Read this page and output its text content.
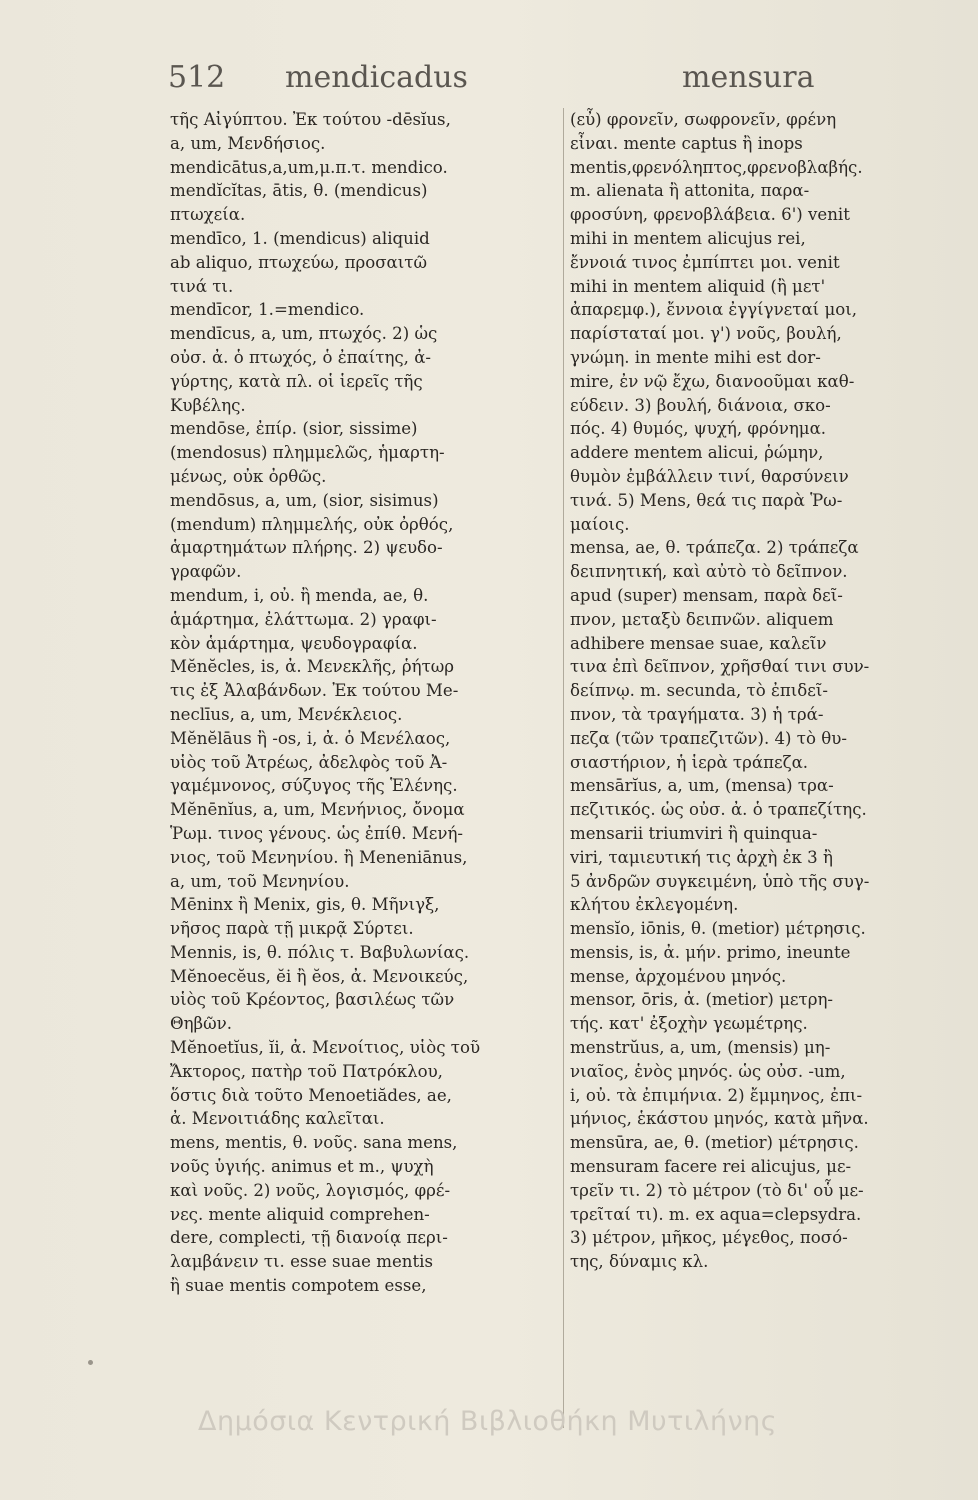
512 mendicadus	mensura
τῆς Αἰγύπτου. Ἐκ τούτου -dēsĭus,
a, um, Μενδήσιος.
mendicātus,a,um,μ.π.τ. mendico.
mendĭcĭtas, ātis, θ. (mendicus)
πτωχεία.
mendīco, 1. (mendicus) aliquid
ab aliquo, πτωχεύω, προσαιτῶ
τινά τι.
mendīcor, 1.=mendico.
mendīcus, a, um, πτωχός. 2) ὡς
οὐσ. ἀ. ὁ πτωχός, ὁ ἐπαίτης, ἀ-
γύρτης, κατὰ πλ. οἱ ἱερεῖς τῆς
Κυβέλης.
mendōse, ἐπίρ. (sior, sissime)
(mendosus) πλημμελῶς, ἡμαρτη-
μένως, οὐκ ὀρθῶς.
mendōsus, a, um, (sior, sisimus)
(mendum) πλημμελής, οὐκ ὀρθός,
ἁμαρτημάτων πλήρης. 2) ψευδο-
γραφῶν.
mendum, i, οὐ. ἢ menda, ae, θ.
ἁμάρτημα, ἐλάττωμα. 2) γραφι-
κὸν ἁμάρτημα, ψευδογραφία.
Mĕnĕcles, is, ἀ. Μενεκλῆς, ῥήτωρ
τις ἐξ Ἀλαβάνδων. Ἐκ τούτου Me-
neclīus, a, um, Μενέκλειος.
Mĕnĕlāus ἢ -os, i, ἀ. ὁ Μενέλαος,
υἱὸς τοῦ Ἀτρέως, ἀδελφὸς τοῦ Ἀ-
γαμέμνονος, σύζυγος τῆς Ἑλένης.
Mĕnēnĭus, a, um, Μενήνιος, ὄνομα
Ῥωμ. τινος γένους. ὡς ἐπίθ. Μενή-
νιος, τοῦ Μενηνίου. ἢ Meneniānus,
a, um, τοῦ Μενηνίου.
Mēninx ἢ Menix, gis, θ. Μῆνιγξ,
νῆσος παρὰ τῇ μικρᾷ Σύρτει.
Mennis, is, θ. πόλις τ. Βαβυλωνίας.
Mĕnoecĕus, ĕi ἢ ĕos, ἀ. Μενοικεύς,
υἱὸς τοῦ Κρέοντος, βασιλέως τῶν
Θηβῶν.
Mĕnoetĭus, ĭi, ἀ. Μενοίτιος, υἱὸς τοῦ
Ἄκτορος, πατὴρ τοῦ Πατρόκλου,
ὅστις διὰ τοῦτο Menoetiădes, ae,
ἀ. Μενοιτιάδης καλεῖται.
mens, mentis, θ. νοῦς. sana mens,
νοῦς ὑγιής. animus et m., ψυχὴ
καὶ νοῦς. 2) νοῦς, λογισμός, φρέ-
νες. mente aliquid comprehen-
dere, complecti, τῇ διανοίᾳ περι-
λαμβάνειν τι. esse suae mentis
ἢ suae mentis compotem esse,
(εὖ) φρονεῖν, σωφρονεῖν, φρένη
εἶναι. mente captus ἢ inops
mentis,φρενόληπτος,φρενοβλαβής.
m. alienata ἢ attonita, παρα-
φροσύνη, φρενοβλάβεια. 6') venit
mihi in mentem alicujus rei,
ἔννοιά τινος ἐμπίπτει μοι. venit
mihi in mentem aliquid (ἢ μετ'
ἀπαρεμφ.), ἔννοια ἐγγίγνεταί μοι,
παρίσταταί μοι. γ') νοῦς, βουλή,
γνώμη. in mente mihi est dor-
mire, ἐν νῷ ἔχω, διανοοῦμαι καθ-
εύδειν. 3) βουλή, διάνοια, σκο-
πός. 4) θυμός, ψυχή, φρόνημα.
addere mentem alicui, ῥώμην,
θυμὸν ἐμβάλλειν τινί, θαρσύνειν
τινά. 5) Mens, θεά τις παρὰ Ῥω-
μαίοις.
mensa, ae, θ. τράπεζα. 2) τράπεζα
δειπνητική, καὶ αὐτὸ τὸ δεῖπνον.
apud (super) mensam, παρὰ δεῖ-
πνον, μεταξὺ δειπνῶν. aliquem
adhibere mensae suae, καλεῖν
τινα ἐπὶ δεῖπνον, χρῆσθαί τινι συν-
δείπνῳ. m. secunda, τὸ ἐπιδεῖ-
πνον, τὰ τραγήματα. 3) ἡ τρά-
πεζα (τῶν τραπεζιτῶν). 4) τὸ θυ-
σιαστήριον, ἡ ἱερὰ τράπεζα.
mensārĭus, a, um, (mensa) τρα-
πεζιτικός. ὡς οὐσ. ἀ. ὁ τραπεζίτης.
mensarii triumviri ἢ quinqua-
viri, ταμιευτική τις ἀρχὴ ἐκ 3 ἢ
5 ἀνδρῶν συγκειμένη, ὑπὸ τῆς συγ-
κλήτου ἐκλεγομένη.
mensĭo, iōnis, θ. (metior) μέτρησις.
mensis, is, ἀ. μήν. primo, ineunte
mense, ἀρχομένου μηνός.
mensor, ōris, ἀ. (metior) μετρη-
τής. κατ' ἐξοχὴν γεωμέτρης.
menstrŭus, a, um, (mensis) μη-
νιαῖος, ἑνὸς μηνός. ὡς οὐσ. -um,
i, οὐ. τὰ ἐπιμήνια. 2) ἔμμηνος, ἐπι-
μήνιος, ἑκάστου μηνός, κατὰ μῆνα.
mensūra, ae, θ. (metior) μέτρησις.
mensuram facere rei alicujus, με-
τρεῖν τι. 2) τὸ μέτρον (τὸ δι' οὗ με-
τρεῖταί τι). m. ex aqua=clepsydra.
3) μέτρον, μῆκος, μέγεθος, ποσό-
της, δύναμις κλ.
Δημόσια Κεντρική Βιβλιοθήκη Μυτιλήνης
